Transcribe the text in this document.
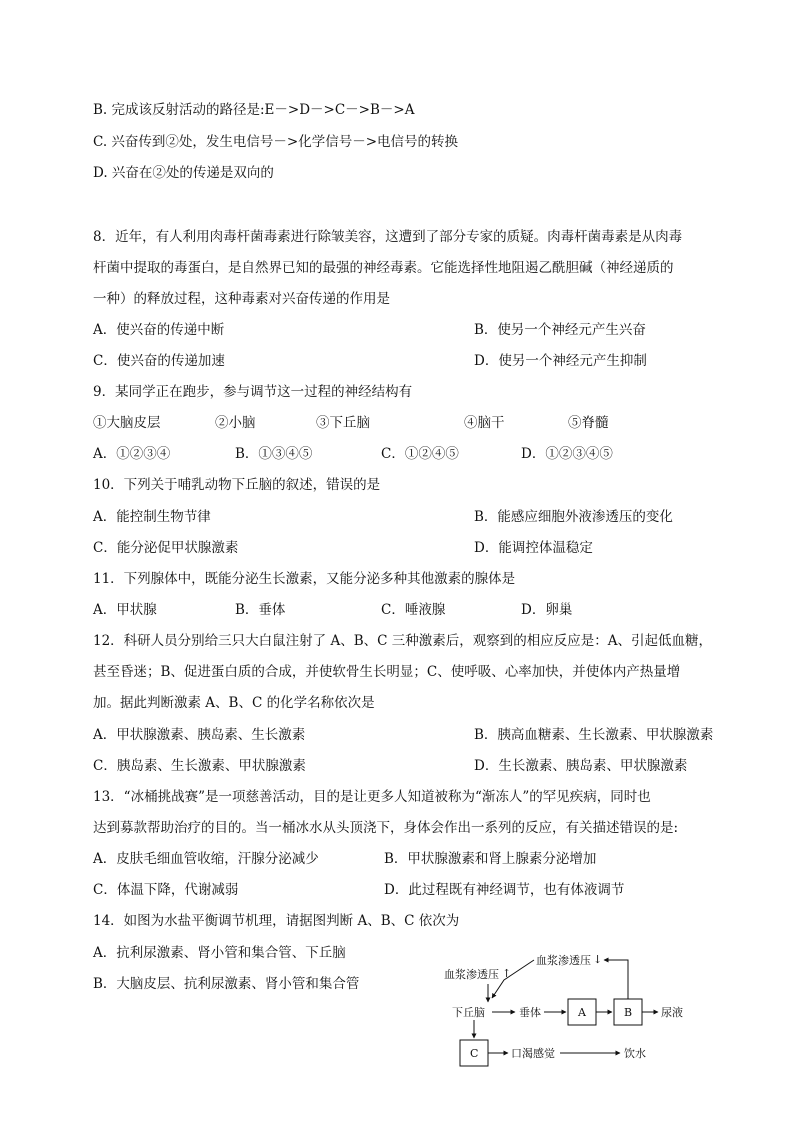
B. 完成该反射活动的路径是:E－>D－>C－>B－>A
C. 兴奋传到②处，发生电信号－>化学信号－>电信号的转换
D. 兴奋在②处的传递是双向的
8．近年，有人利用肉毒杆菌毒素进行除皱美容，这遭到了部分专家的质疑。肉毒杆菌毒素是从肉毒
杆菌中提取的毒蛋白，是自然界已知的最强的神经毒素。它能选择性地阻遏乙酰胆碱（神经递质的
一种）的释放过程，这种毒素对兴奋传递的作用是
A．使兴奋的传递中断	B．使另一个神经元产生兴奋
C．使兴奋的传递加速	D．使另一个神经元产生抑制
9．某同学正在跑步，参与调节这一过程的神经结构有
①大脑皮层	②小脑	③下丘脑	④脑干	⑤脊髓
A．①②③④	B．①③④⑤	C．①②④⑤	D．①②③④⑤
10．下列关于哺乳动物下丘脑的叙述，错误的是
A．能控制生物节律	B．能感应细胞外液渗透压的变化
C．能分泌促甲状腺激素	D．能调控体温稳定
11．下列腺体中，既能分泌生长激素，又能分泌多种其他激素的腺体是
A．甲状腺	B．垂体	C．唾液腺	D．卵巢
12．科研人员分别给三只大白鼠注射了 A、B、C 三种激素后，观察到的相应反应是：A、引起低血糖，
甚至昏迷；B、促进蛋白质的合成，并使软骨生长明显；C、使呼吸、心率加快，并使体内产热量增
加。据此判断激素 A、B、C 的化学名称依次是
A．甲状腺激素、胰岛素、生长激素	B．胰高血糖素、生长激素、甲状腺激素
C．胰岛素、生长激素、甲状腺激素	D．生长激素、胰岛素、甲状腺激素
13．“冰桶挑战赛”是一项慈善活动，目的是让更多人知道被称为“渐冻人”的罕见疾病，同时也
达到募款帮助治疗的目的。当一桶冰水从头顶浇下，身体会作出一系列的反应，有关描述错误的是:
A．皮肤毛细血管收缩，汗腺分泌减少	B．甲状腺激素和肾上腺素分泌增加
C．体温下降，代谢减弱	D．此过程既有神经调节，也有体液调节
14．如图为水盐平衡调节机理，请据图判断 A、B、C 依次为
A．抗利尿激素、肾小管和集合管、下丘脑
B．大脑皮层、抗利尿激素、肾小管和集合管
血浆渗透压 ↑
血浆渗透压 ↓
下丘脑	垂体	A	B	尿液
C	口渴感觉	饮水
